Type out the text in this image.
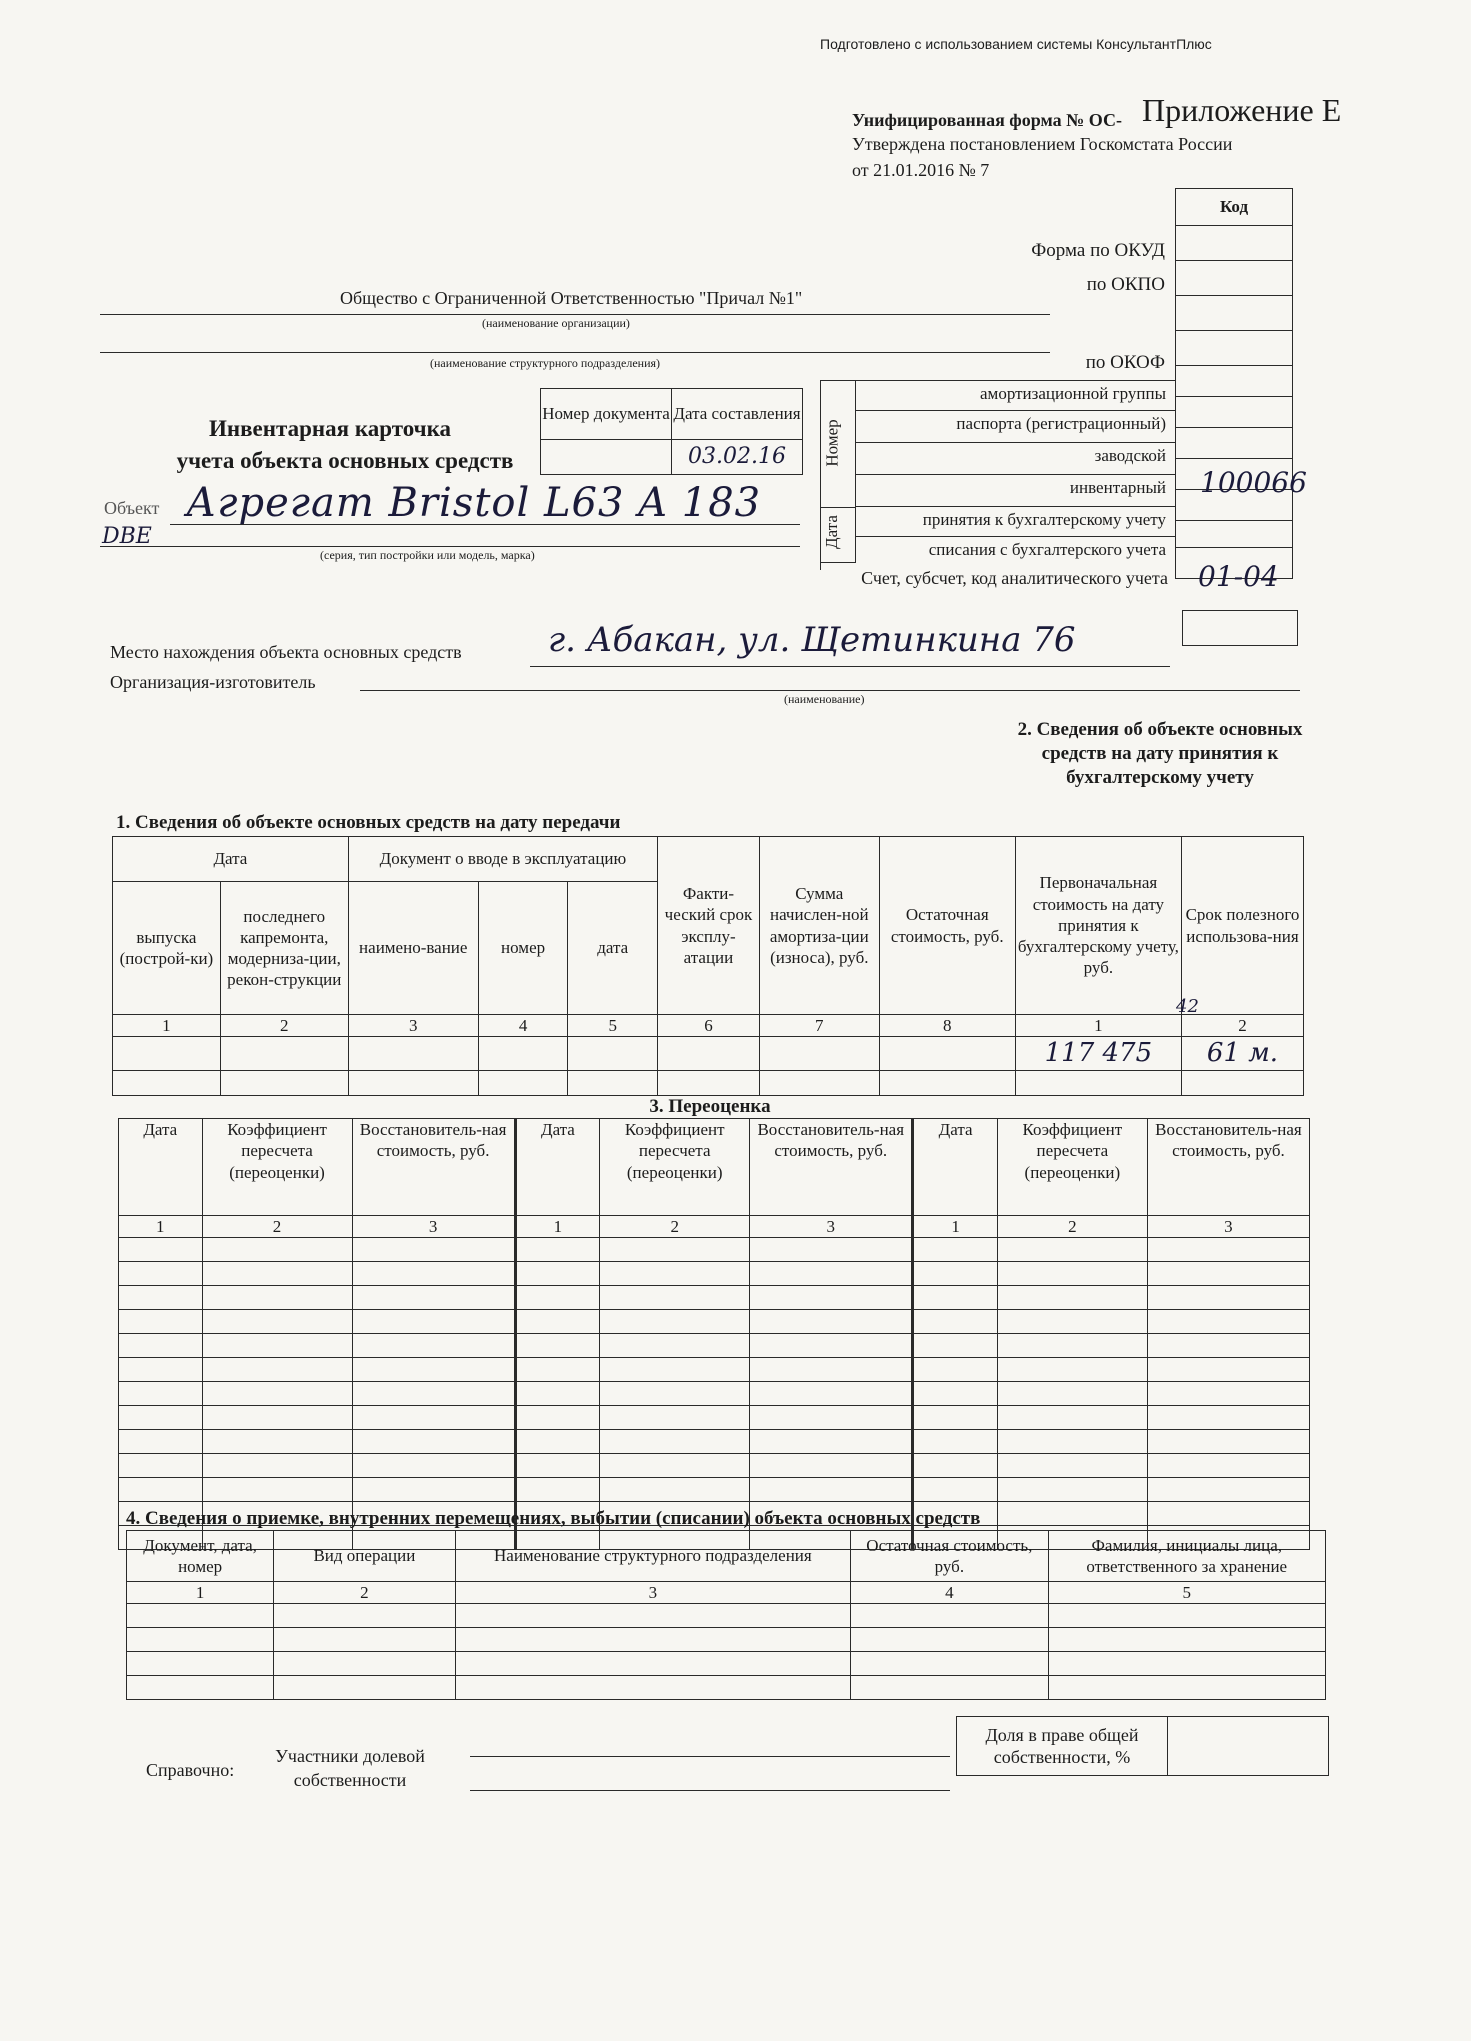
Подготовлено с использованием системы КонсультантПлюс
Унифицированная форма № ОС- Приложение Е
Утверждена постановлением Госкомстата России
от 21.01.2016 № 7
Код

Форма по ОКУД
по ОКПО
по ОКОФ
Общество с Ограниченной Ответственностью "Причал №1"
(наименование организации)
(наименование структурного подразделения)
Инвентарная карточка
учета объекта основных средств
Номер документа	Дата составления
	03.02.16
Объект Агрегат Bristol L63 A 183
DBE
(серия, тип постройки или модель, марка)
Номер
Дата
амортизационной группы
паспорта (регистрационный)
заводской
инвентарный 100066
принятия к бухгалтерскому учету
списания с бухгалтерского учета
Счет, субсчет, код аналитического учета 01-04
Место нахождения объекта основных средств	г. Абакан, ул. Щетинкина 76
Организация-изготовитель
(наименование)
2. Сведения об объекте основных средств на дату принятия к бухгалтерскому учету
1. Сведения об объекте основных средств на дату передачи
Дата		Документ о вводе в эксплуатацию			Факти-ческий срок эксплу-атации	Сумма начислен-ной амортиза-ции (износа), руб.	Остаточная стоимость, руб.	Первоначальная стоимость на дату принятия к бухгалтерскому учету, руб.	Срок полезного использова-ния
выпуска (построй-ки)	последнего капремонта, модерниза-ции, рекон-струкции	наимено-вание	номер	дата					
1	2	3	4	5	6	7	8	1	2
								117 475	61 м.

42
3. Переоценка
Дата	Коэффициент пересчета (переоценки)	Восстановитель-ная стоимость, руб.	Дата	Коэффициент пересчета (переоценки)	Восстановитель-ная стоимость, руб.	Дата	Коэффициент пересчета (переоценки)	Восстановитель-ная стоимость, руб.
1	2	3	1	2	3	1	2	3

4. Сведения о приемке, внутренних перемещениях, выбытии (списании) объекта основных средств
Документ, дата, номер	Вид операции	Наименование структурного подразделения	Остаточная стоимость, руб.	Фамилия, инициалы лица, ответственного за хранение
1	2	3	4	5

Справочно:
Участники долевой собственности
Доля в праве общей собственности, %	
